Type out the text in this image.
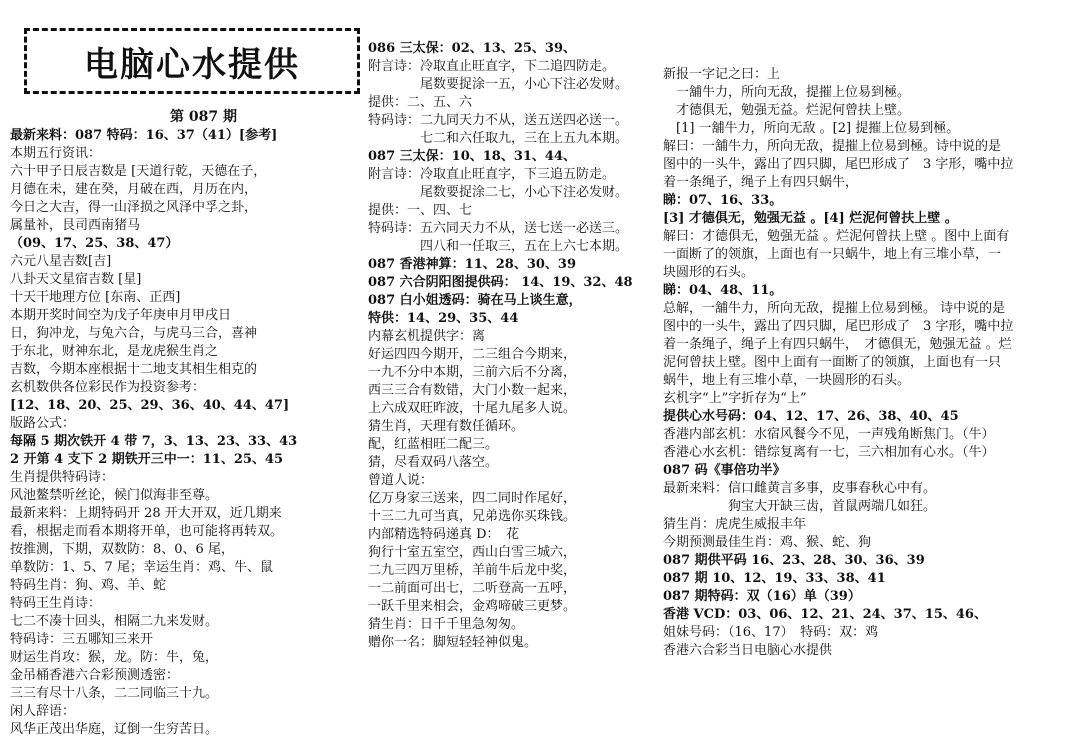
电脑心水提供
第 087 期
最新来料：087 特码：16、37（41）[参考]
本期五行资讯：
六十甲子日辰吉数是 [天道行乾，天德在子，
月德在未，建在癸，月破在西，月历在内，
今日之大吉，得一山泽损之风泽中孚之卦，
属量补，艮司西南猪马
（09、17、25、38、47）
六元八星吉数[吉]
八卦天文星宿吉数 [星]
十天干地理方位 [东南、正西]
本期开奖时间空为戊子年庚申月甲戌日
日，狗冲龙，与兔六合，与虎马三合，喜神
于东北，财神东北，是龙虎猴生肖之
吉数，今期本座根据十二地支其相生相克的
玄机数供各位彩民作为投资参考：
[12、18、20、25、29、36、40、44、47]
版路公式：
每隔 5 期次铁开 4 带 7，3、13、23、33、43
2 开第 4 支下 2 期铁开三中一：11、25、45
生肖提供特码诗：
风池鳌禁听丝论，候门似海非至尊。
最新来料：上期特码开 28 开大开双，近几期来
看，根据走而看本期将开单，也可能将再转双。
按推测，下期，双数防：8、0、6 尾，
单数防：1、5、7 尾；幸运生肖：鸡、牛、鼠
特码生肖：狗、鸡、羊、蛇
特码王生肖诗：
七二不凑十回头，相隔二九来发财。
特码诗：三五哪知三来开
财运生肖攻：猴，龙。防：牛，兔，
金吊桶香港六合彩预测透密：
三三有尽十八条，二二同临三十九。
闲人辞语：
风华正茂出华庭，辽倒一生穷苦日。
086 三太保：02、13、25、39、
附言诗：冷取直止旺直字，下二追四防走。
　　　　尾数要捉涂一五，小心下注必发财。
提供：二、五、六
特码诗：二九同天力不从，送五送四必送一。
　　　　七二和六任取九，三在上五九本期。
087 三太保：10、18、31、44、
附言诗：冷取直止旺直字，下三追五防走。
　　　　尾数要捉涂二七，小心下注必发财。
提供：一、四、七
特码诗：五六同天力不从，送七送一必送三。
　　　　四八和一任取三，五在上六七本期。
087 香港神算：11、28、30、39
087 六合阴阳图提供码： 14、19、32、48
087 白小姐透码：骑在马上谈生意，
特供：14、29、35、44
内幕玄机提供字：离
好运四四今期开，二三组合今期来，
一九不分中本期，三前六后不分离，
西三三合有数错，大门小数一起来，
上六成双旺昨波，十尾九尾多人说。
猜生肖，天理有数任循环。
配，红蓝相旺二配三。
猜，尽看双码八落空。
曾道人说：
亿万身家三送来，四二同时作尾好，
十三二九可当真，兄弟选你买珠钱。
内部精选特码递真 D：　花
狗行十室五室空，西山白雪三城六，
二九三四万里桥，羊前牛后龙中奖，
一二前面可出七，二听登高一五呼，
一跃千里来相会，金鸡啼破三更梦。
猜生肖：日千千里急匆匆。
赠你一名：脚短轻轻神似鬼。
新报一字记之曰：上
　一舖牛力，所向无敌，提摧上位易到極。
　才德俱无，勉强无益。烂泥何曾扶上壁。
　[1] 一舖牛力，所向无敌 。[2] 提摧上位易到極。
解曰：一舖牛力，所向无敌，提摧上位易到極。诗中说的是
图中的一头牛，露出了四只脚，尾巴形成了　3 字形，嘴中拉
着一条绳子，绳子上有四只蜗牛，
睇：07、16、33。
[3] 才德俱无，勉强无益 。[4] 烂泥何曾扶上壁 。
解曰：才德俱无，勉强无益 。烂泥何曾扶上壁 。图中上面有
一面断了的领旗，上面也有一只蜗牛，地上有三堆小草，一
块圆形的石头。
睇：04、48、11。
总解，一舖牛力，所向无敌，提摧上位易到極。 诗中说的是
图中的一头牛，露出了四只脚，尾巴形成了　3 字形，嘴中拉
着一条绳子，绳子上有四只蜗牛，　才德俱无，勉强无益 。烂
泥何曾扶上壁。图中上面有一面断了的领旗，上面也有一只
蜗牛，地上有三堆小草，一块圆形的石头。
玄机字“上”字折存为“上”
提供心水号码：04、12、17、26、38、40、45
香港内部玄机：水宿风餐今不见，一声残角断焦门。（牛）
香港心水玄机：错综复离有一七，三六相加有心水。（牛）
087 码《事倍功半》
最新来料：信口雌黄言多事，皮事春秋心中有。
　　　　　狗宝大开缺三齿，首鼠两端几如狂。
猜生肖：虎虎生威报丰年
今期预测最佳生肖：鸡、猴、蛇、狗
087 期供平码 16、23、28、30、36、39
087 期 10、12、19、33、38、41
087 期特码：双（16）单（39）
香港 VCD：03、06、12、21、24、37、15、46、
姐妹号码：（16、17）　特码：双：鸡
香港六合彩当日电脑心水提供
